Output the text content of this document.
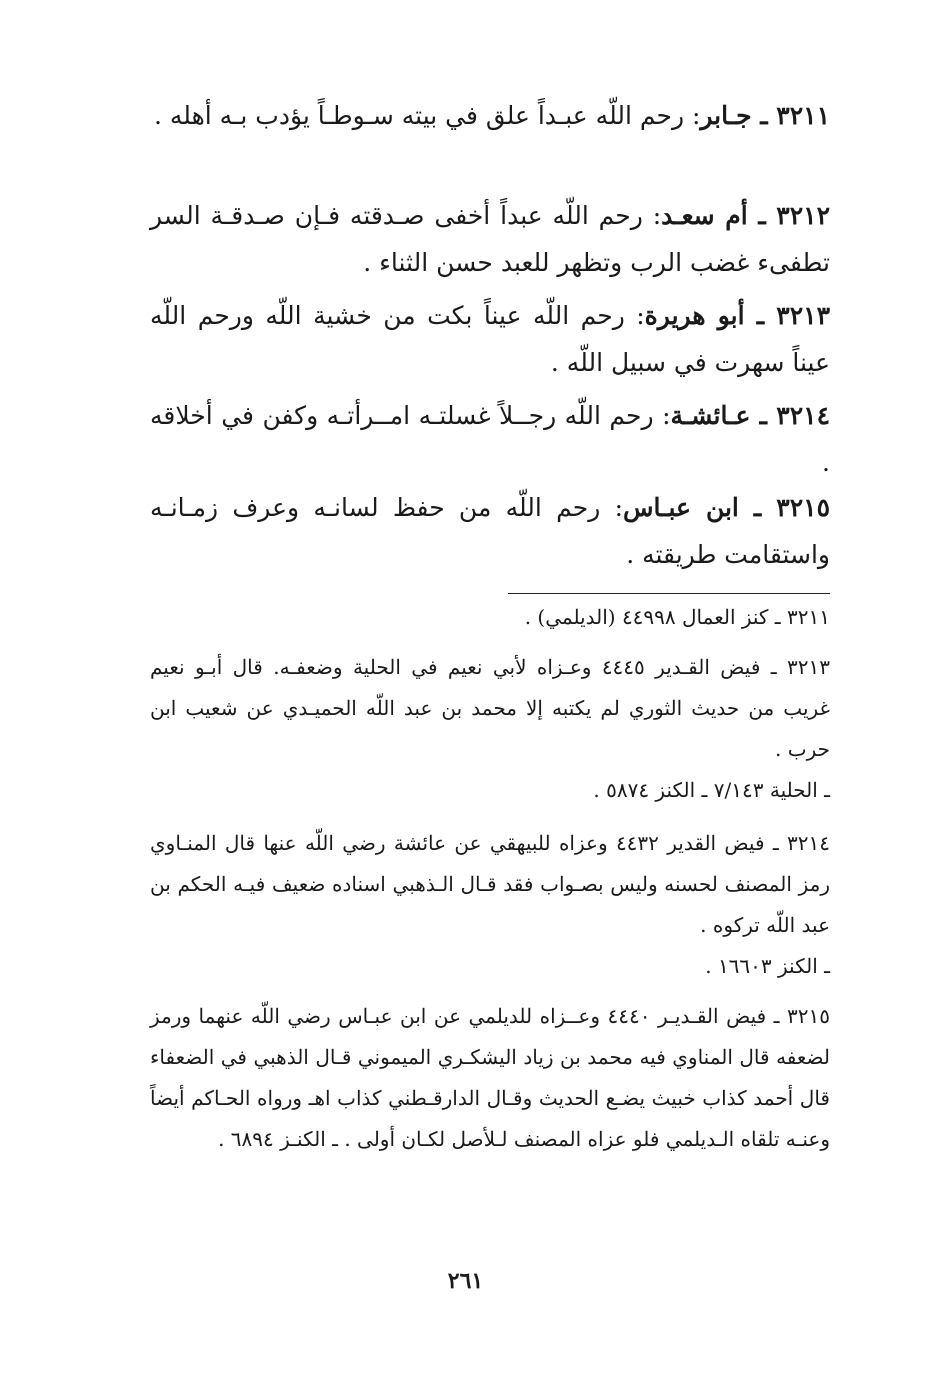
٣٢١١ ـ جـابر: رحم اللّه عبـداً علق في بيته سـوطـاً يؤدب بـه أهله .
٣٢١٢ ـ أم سعـد: رحم اللّه عبداً أخفى صـدقته فـإن صـدقـة السر تطفىء غضب الرب وتظهر للعبد حسن الثناء .
٣٢١٣ ـ أبو هريرة: رحم اللّه عيناً بكت من خشية اللّه ورحم اللّه عيناً سهرت في سبيل اللّه .
٣٢١٤ ـ عـائشـة: رحم اللّه رجــلاً غسلتـه امــرأتـه وكفن في أخلاقه .
٣٢١٥ ـ ابن عبـاس: رحم اللّه من حفظ لسانـه وعرف زمـانـه واستقامت طريقته .
٣٢١١ ـ كنز العمال ٤٤٩٩٨ (الديلمي) .
٣٢١٣ ـ فيض القـدير ٤٤٤٥ وعـزاه لأبي نعيم في الحلية وضعفـه. قال أبـو نعيم غريب من حديث الثوري لم يكتبه إلا محمد بن عبد اللّه الحميـدي عن شعيب ابن حرب .
ـ الحلية ٧/١٤٣ ـ الكنز ٥٨٧٤ .
٣٢١٤ ـ فيض القدير ٤٤٣٢ وعزاه للبيهقي عن عائشة رضي اللّه عنها قال المنـاوي رمز المصنف لحسنه وليس بصـواب فقد قـال الـذهبي اسناده ضعيف فيـه الحكم بن عبد اللّه تركوه .
ـ الكنز ١٦٦٠٣ .
٣٢١٥ ـ فيض القـديـر ٤٤٤٠ وعــزاه للديلمي عن ابن عبـاس رضي اللّه عنهما ورمز لضعفه قال المناوي فيه محمد بن زياد اليشكـري الميموني قـال الذهبي في الضعفاء قال أحمد كذاب خبيث يضـع الحديث وقـال الدارقـطني كذاب اهـ ورواه الحـاكم أيضاً وعنـه تلقاه الـديلمي فلو عزاه المصنف لـلأصل لكـان أولى . ـ الكنـز ٦٨٩٤ .
٢٦١
